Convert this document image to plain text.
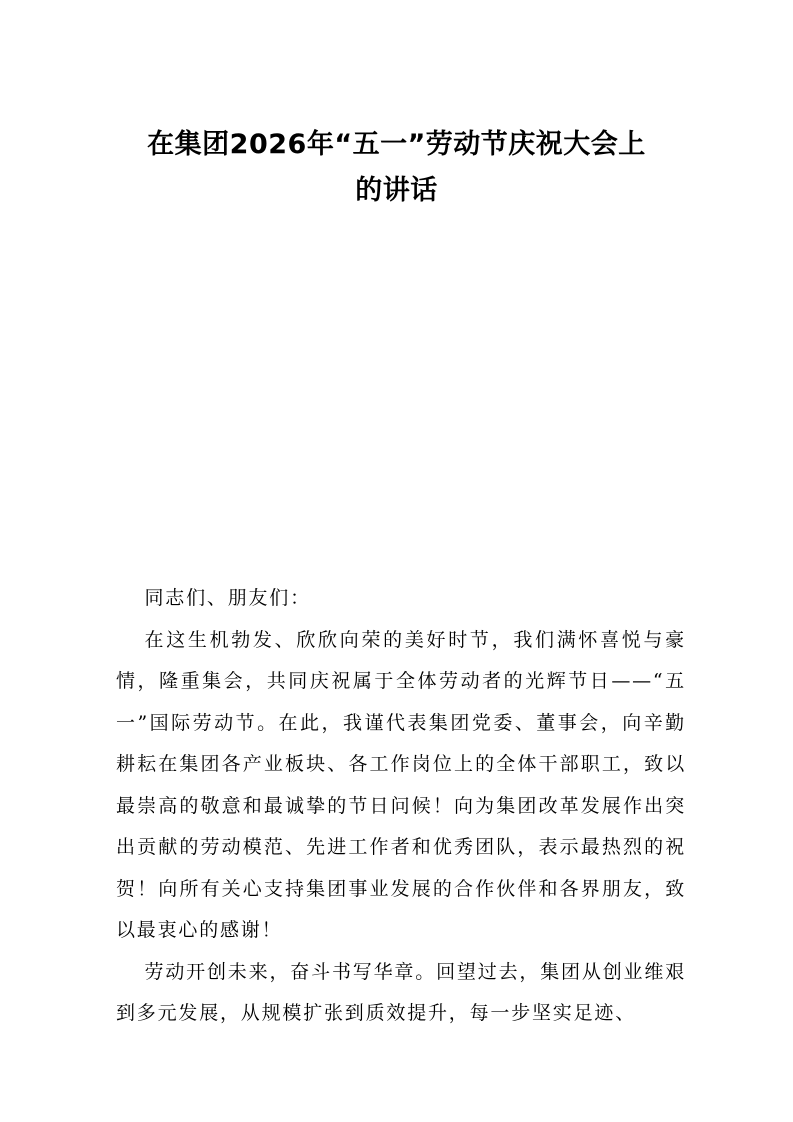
在集团2026年“五一”劳动节庆祝大会上
的讲话

同志们、朋友们：

在这生机勃发、欣欣向荣的美好时节，我们满怀喜悦与豪情，隆重集会，共同庆祝属于全体劳动者的光辉节日——“五一”国际劳动节。在此，我谨代表集团党委、董事会，向辛勤耕耘在集团各产业板块、各工作岗位上的全体干部职工，致以最崇高的敬意和最诚挚的节日问候！向为集团改革发展作出突出贡献的劳动模范、先进工作者和优秀团队，表示最热烈的祝贺！向所有关心支持集团事业发展的合作伙伴和各界朋友，致以最衷心的感谢！

劳动开创未来，奋斗书写华章。回望过去，集团从创业维艰到多元发展，从规模扩张到质效提升，每一步坚实足迹、
